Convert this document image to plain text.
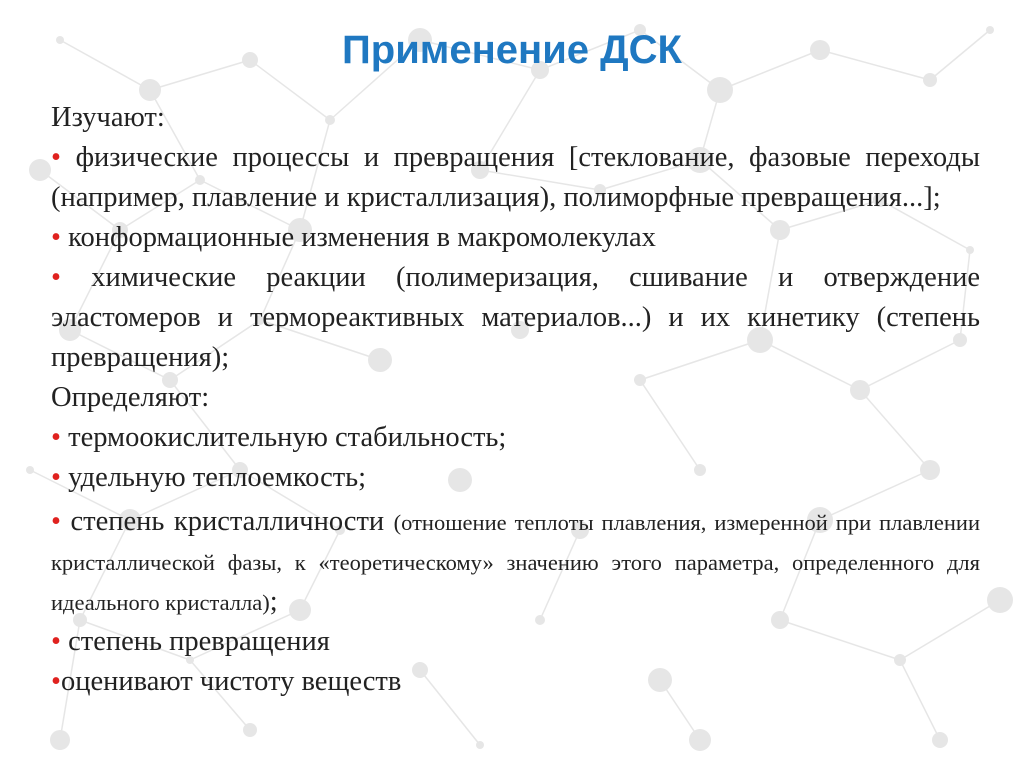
Применение ДСК

Изучают:

• физические процессы и превращения [стеклование, фазовые переходы (например, плавление и кристаллизация), полиморфные превращения...];

• конформационные изменения в макромолекулах

• химические реакции (полимеризация, сшивание и отверждение эластомеров и термореактивных материалов...) и их кинетику (степень превращения);

Определяют:

• термоокислительную стабильность;

• удельную теплоемкость;

• степень кристалличности (отношение теплоты плавления, измеренной при плавлении кристаллической фазы, к «теоретическому» значению этого параметра, определенного для идеального кристалла);

• степень превращения

•оценивают чистоту веществ
